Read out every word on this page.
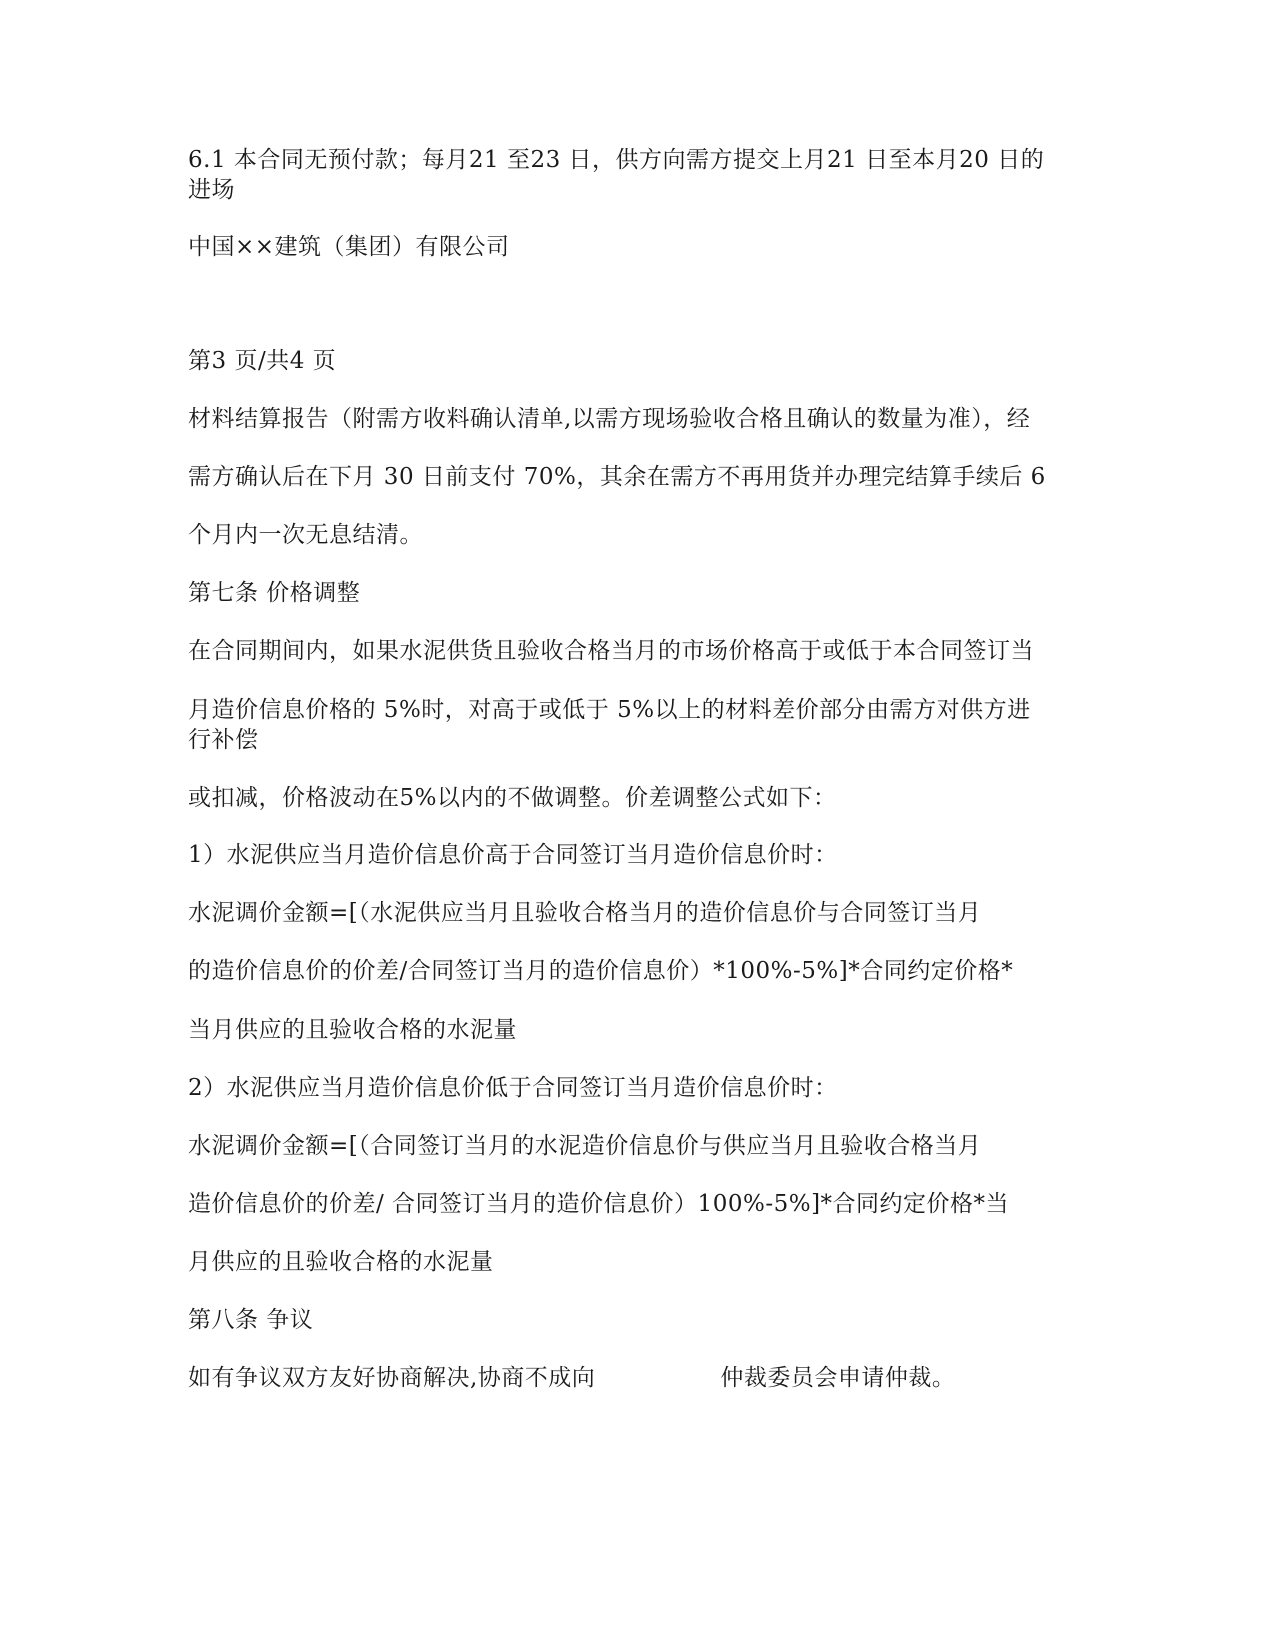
6.1 本合同无预付款；每月21 至23 日，供方向需方提交上月21 日至本月20 日的
进场
中国××建筑（集团）有限公司
第3 页/共4 页
材料结算报告（附需方收料确认清单,以需方现场验收合格且确认的数量为准），经
需方确认后在下月 30 日前支付 70%，其余在需方不再用货并办理完结算手续后 6
个月内一次无息结清。
第七条 价格调整
在合同期间内，如果水泥供货且验收合格当月的市场价格高于或低于本合同签订当
月造价信息价格的 5%时，对高于或低于 5%以上的材料差价部分由需方对供方进
行补偿
或扣减，价格波动在5%以内的不做调整。价差调整公式如下：
1）水泥供应当月造价信息价高于合同签订当月造价信息价时：
水泥调价金额=[（水泥供应当月且验收合格当月的造价信息价与合同签订当月
的造价信息价的价差/合同签订当月的造价信息价）*100%-5%]*合同约定价格*
当月供应的且验收合格的水泥量
2）水泥供应当月造价信息价低于合同签订当月造价信息价时：
水泥调价金额=[（合同签订当月的水泥造价信息价与供应当月且验收合格当月
造价信息价的价差/ 合同签订当月的造价信息价）100%-5%]*合同约定价格*当
月供应的且验收合格的水泥量
第八条 争议
如有争议双方友好协商解决,协商不成向	仲裁委员会申请仲裁。
